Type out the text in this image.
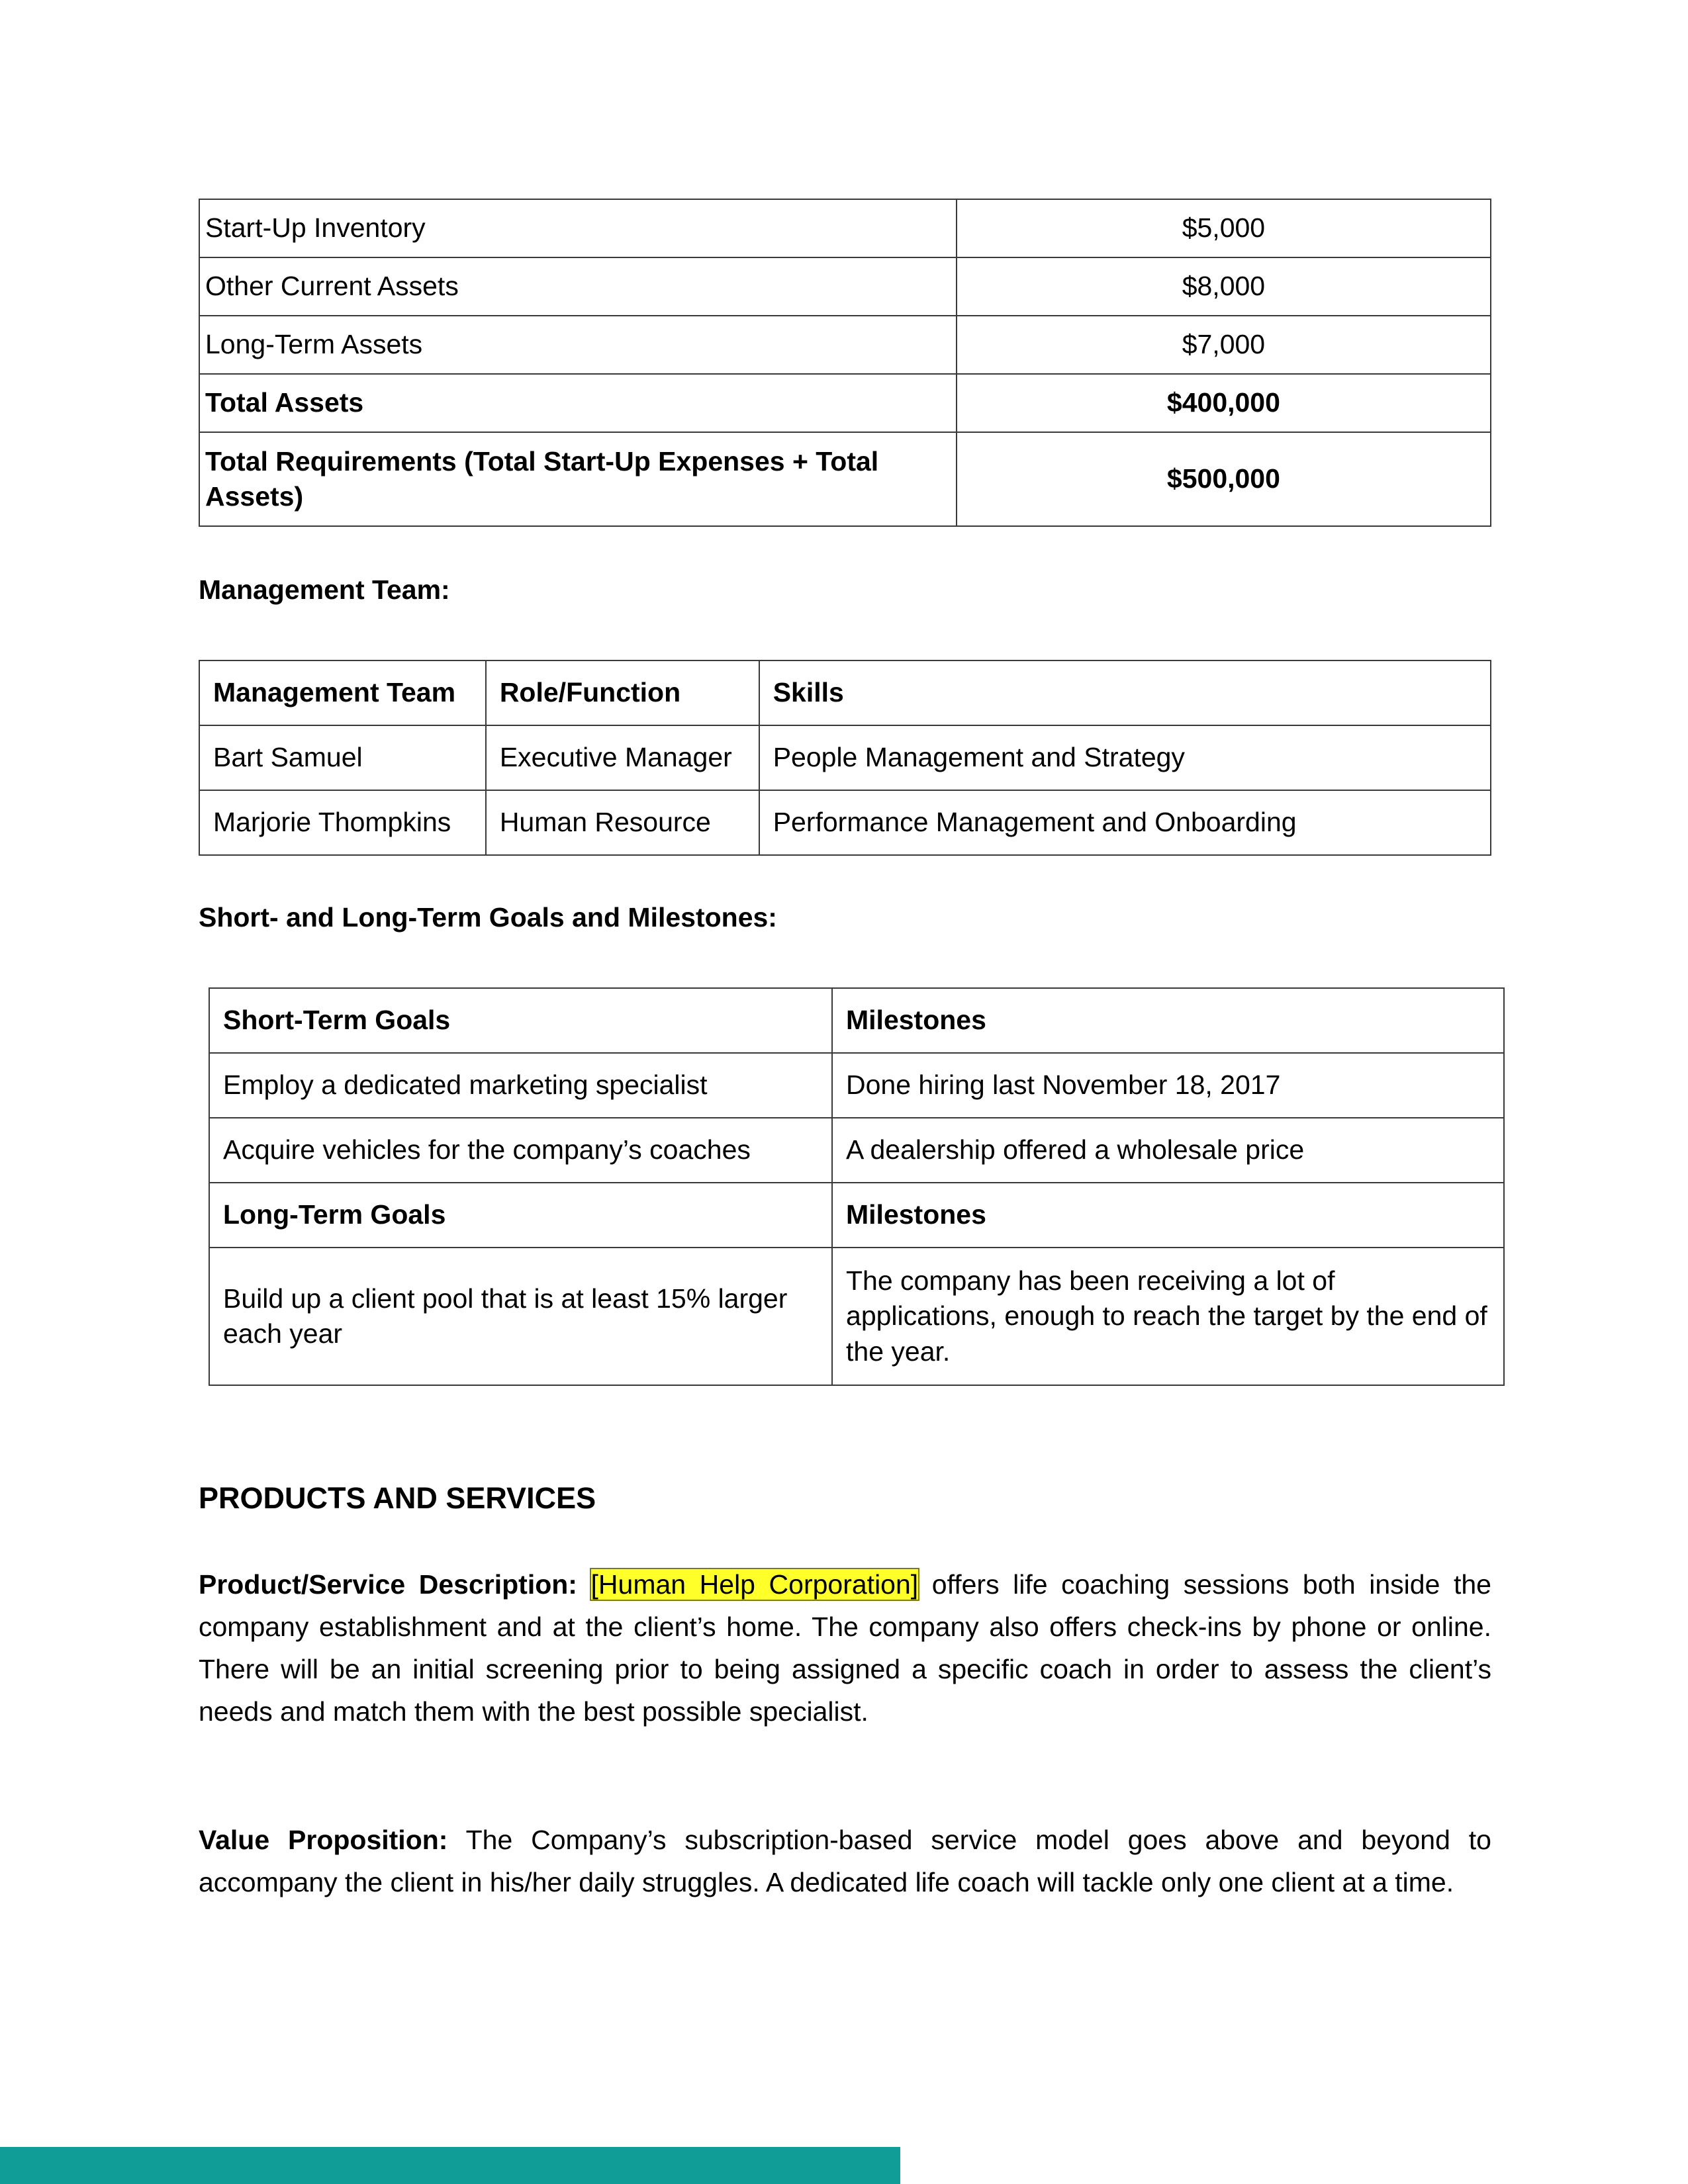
Start-Up Inventory	$5,000
Other Current Assets	$8,000
Long-Term Assets	$7,000
Total Assets	$400,000
Total Requirements (Total Start-Up Expenses + Total Assets)	$500,000
Management Team:
Management Team	Role/Function	Skills
Bart Samuel	Executive Manager	People Management and Strategy
Marjorie Thompkins	Human Resource	Performance Management and Onboarding
Short- and Long-Term Goals and Milestones:
Short-Term Goals	Milestones
Employ a dedicated marketing specialist	Done hiring last November 18, 2017
Acquire vehicles for the company’s coaches	A dealership offered a wholesale price
Long-Term Goals	Milestones
Build up a client pool that is at least 15% larger each year	The company has been receiving a lot of applications, enough to reach the target by the end of the year.
PRODUCTS AND SERVICES

Product/Service Description: [Human Help Corporation] offers life coaching sessions both inside the company establishment and at the client’s home. The company also offers check-ins by phone or online. There will be an initial screening prior to being assigned a specific coach in order to assess the client’s needs and match them with the best possible specialist.

Value Proposition: The Company’s subscription-based service model goes above and beyond to accompany the client in his/her daily struggles. A dedicated life coach will tackle only one client at a time.
